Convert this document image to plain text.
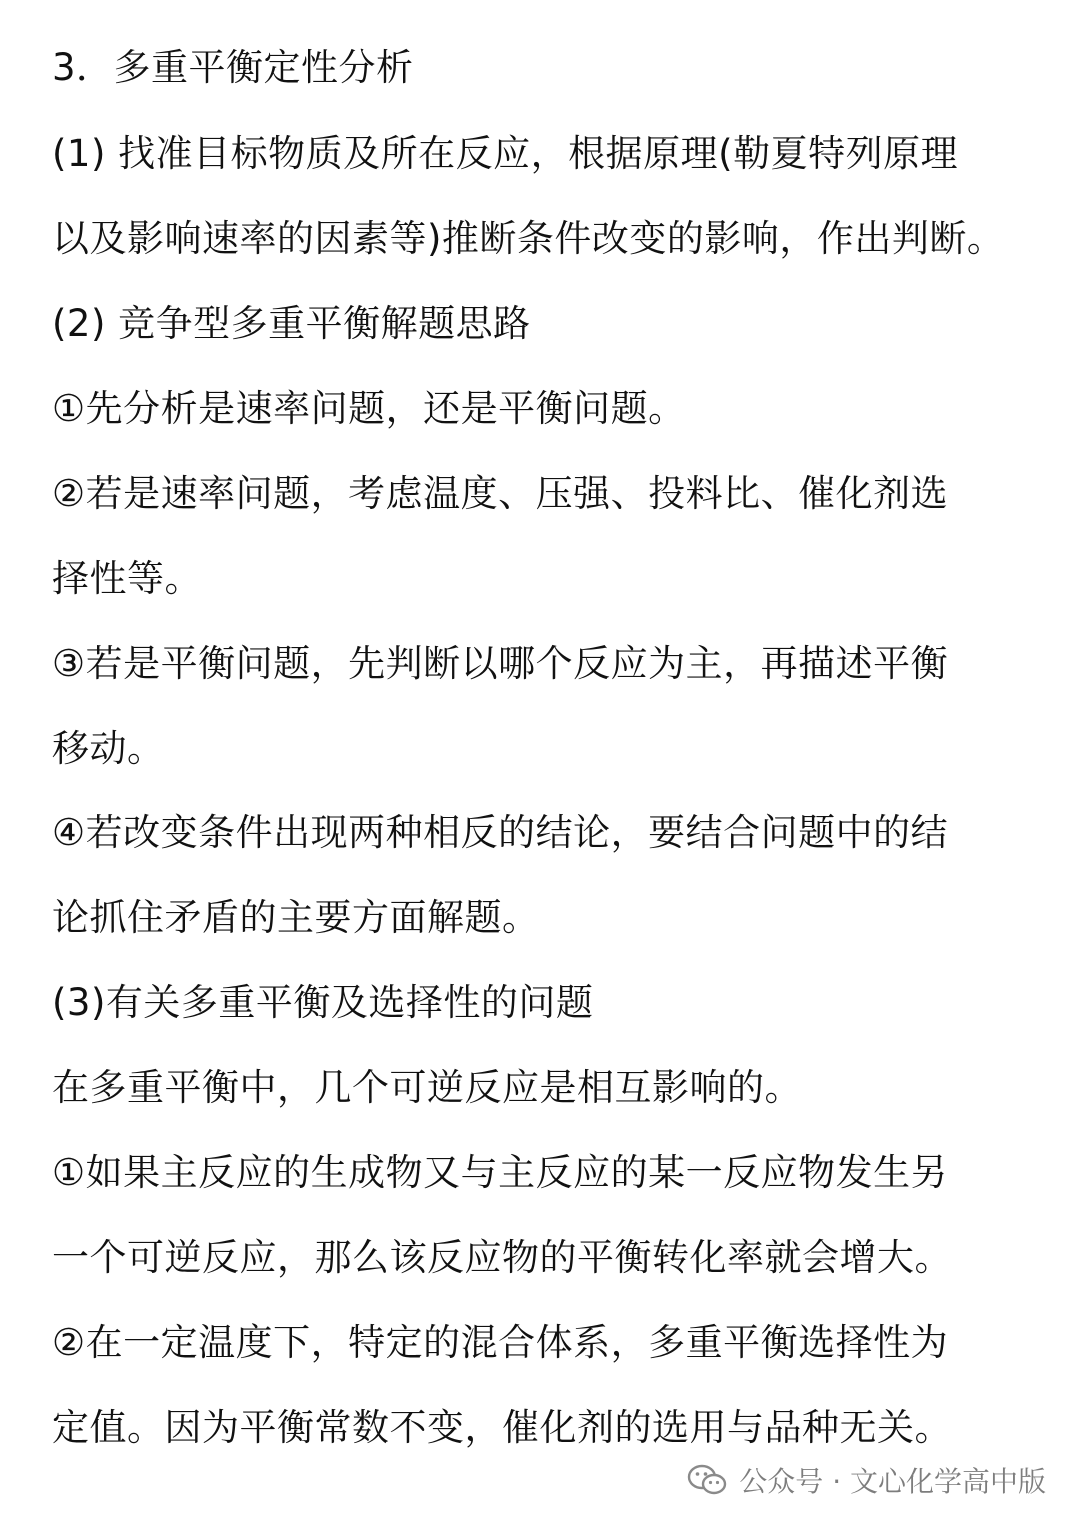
3．多重平衡定性分析
(1) 找准目标物质及所在反应，根据原理(勒夏特列原理
以及影响速率的因素等)推断条件改变的影响，作出判断。
(2) 竞争型多重平衡解题思路
①先分析是速率问题，还是平衡问题。
②若是速率问题，考虑温度、压强、投料比、催化剂选
择性等。
③若是平衡问题，先判断以哪个反应为主，再描述平衡
移动。
④若改变条件出现两种相反的结论，要结合问题中的结
论抓住矛盾的主要方面解题。
(3)有关多重平衡及选择性的问题
在多重平衡中，几个可逆反应是相互影响的。
①如果主反应的生成物又与主反应的某一反应物发生另
一个可逆反应，那么该反应物的平衡转化率就会增大。
②在一定温度下，特定的混合体系，多重平衡选择性为
定值。因为平衡常数不变，催化剂的选用与品种无关。
公众号 · 文心化学高中版
